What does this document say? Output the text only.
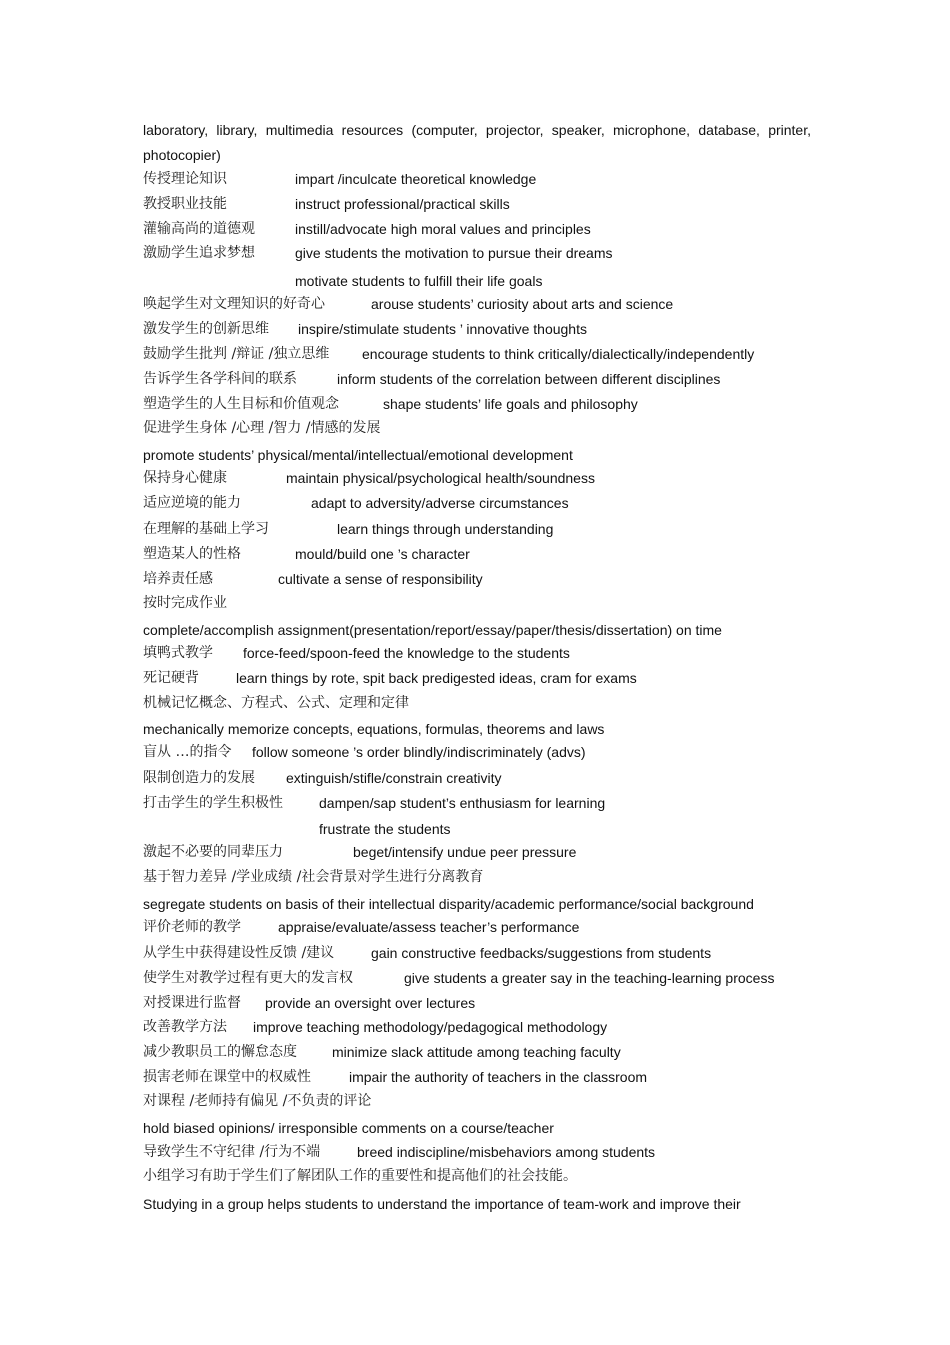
laboratory, library, multimedia resources (computer, projector, speaker, microphone, database, printer, photocopier)
传授理论知识	impart /inculcate theoretical knowledge
教授职业技能	instruct professional/practical skills
灌输高尚的道德观	instill/advocate high moral values and principles
激励学生追求梦想	give students the motivation to pursue their dreams
motivate students to fulfill their life goals
唤起学生对文理知识的好奇心	arouse students’ curiosity about arts and science
激发学生的创新思维 inspire/stimulate students ’ innovative thoughts
鼓励学生批判 /辩证 /独立思维 encourage students to think critically/dialectically/independently
告诉学生各学科间的联系	inform students of the correlation between different disciplines
塑造学生的人生目标和价值观念	shape students’ life goals and philosophy
促进学生身体 /心理 /智力 /情感的发展
promote students’ physical/mental/intellectual/emotional development
保持身心健康	maintain physical/psychological health/soundness
适应逆境的能力	adapt to adversity/adverse circumstances
在理解的基础上学习	learn things through understanding
塑造某人的性格	mould/build one ’s character
培养责任感	cultivate a sense of responsibility
按时完成作业
complete/accomplish assignment(presentation/report/essay/paper/thesis/dissertation) on time
填鸭式教学 force-feed/spoon-feed the knowledge to the students
死记硬背	learn things by rote, spit back predigested ideas, cram for exams
机械记忆概念、方程式、公式、定理和定律
mechanically memorize concepts, equations, formulas, theorems and laws
盲从 …的指令 follow someone ’s order blindly/indiscriminately (advs)
限制创造力的发展 extinguish/stifle/constrain creativity
打击学生的学生积极性	dampen/sap student’s enthusiasm for learning
frustrate the students
激起不必要的同辈压力	beget/intensify undue peer pressure
基于智力差异 /学业成绩 /社会背景对学生进行分离教育
segregate students on basis of their intellectual disparity/academic performance/social background
评价老师的教学	appraise/evaluate/assess teacher’s performance
从学生中获得建设性反馈 /建议	gain constructive feedbacks/suggestions from students
使学生对教学过程有更大的发言权	give students a greater say in the teaching-learning process
对授课进行监督 provide an oversight over lectures
改善教学方法 improve teaching methodology/pedagogical methodology
减少教职员工的懈怠态度	minimize slack attitude among teaching faculty
损害老师在课堂中的权威性	impair the authority of teachers in the classroom
对课程 /老师持有偏见 /不负责的评论
hold biased opinions/ irresponsible comments on a course/teacher
导致学生不守纪律 /行为不端	breed indiscipline/misbehaviors among students
小组学习有助于学生们了解团队工作的重要性和提高他们的社会技能。
Studying in a group helps students to understand the importance of team-work and improve their
